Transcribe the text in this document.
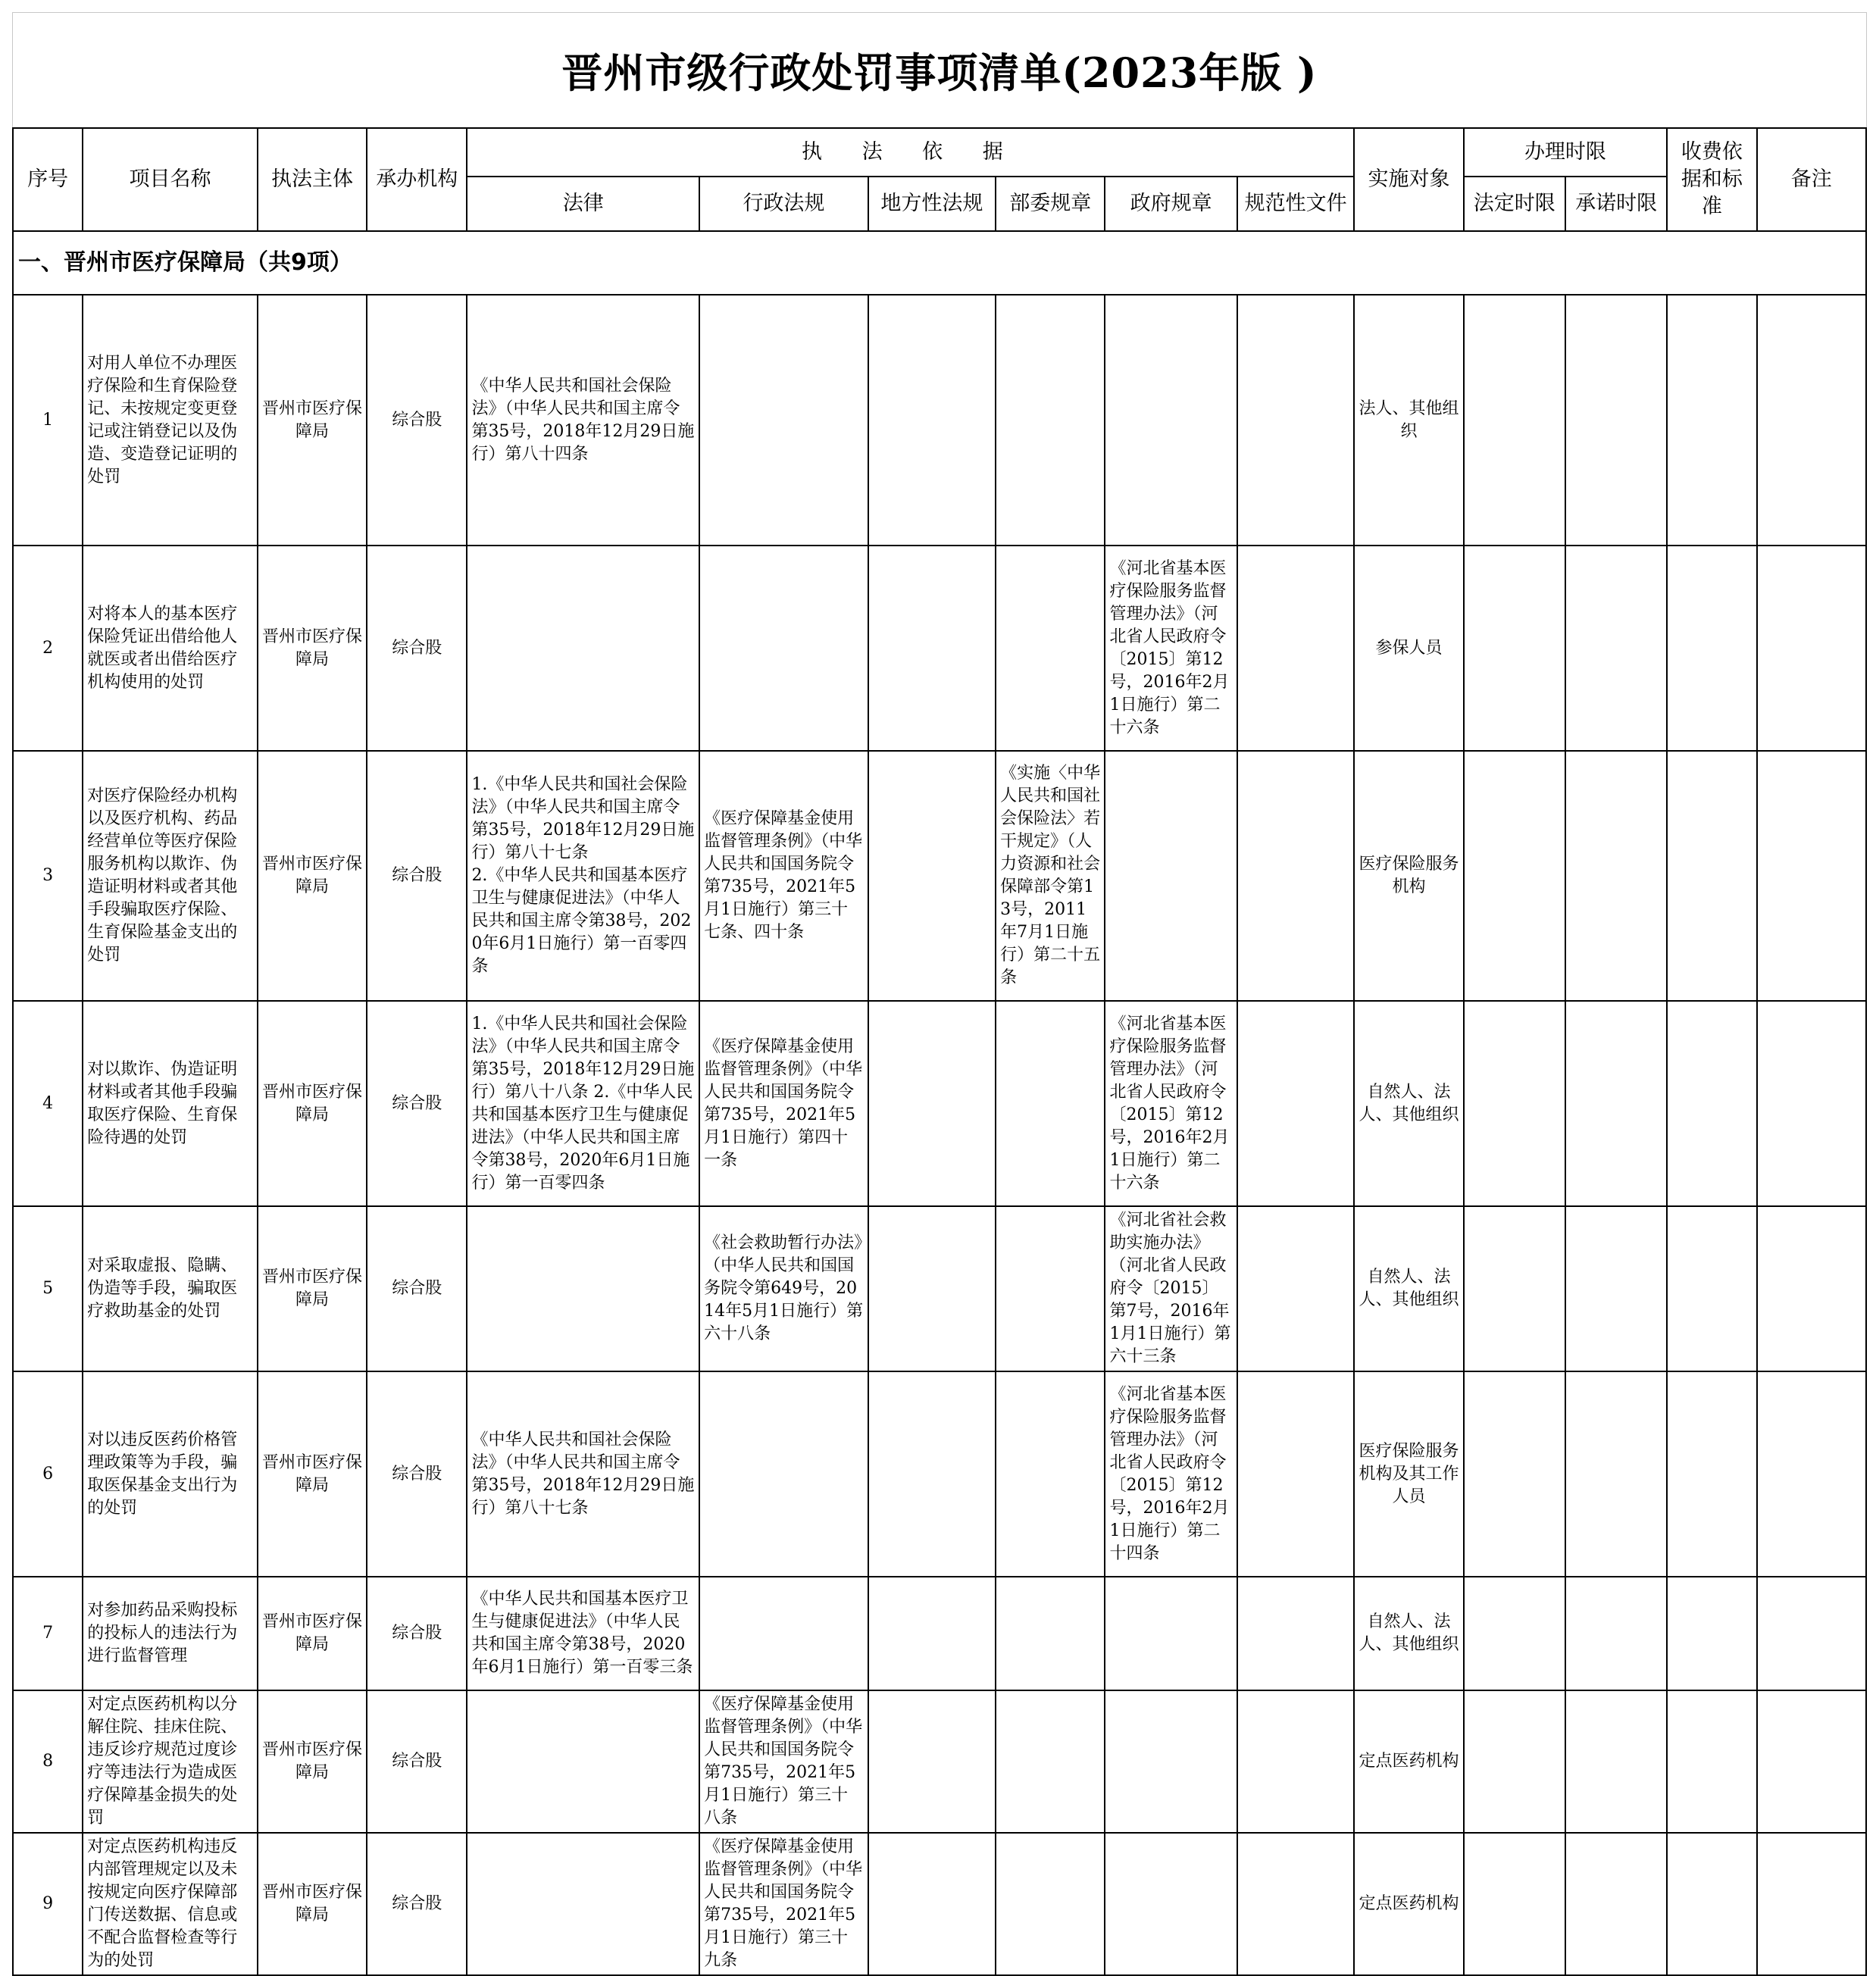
晋州市级行政处罚事项清单(2023年版 )
序号	项目名称	执法主体	承办机构	执 法 依 据						实施对象	办理时限		收费依据和标准	备注
				法律	行政法规	地方性法规	部委规章	政府规章	规范性文件		法定时限	承诺时限		
一、晋州市医疗保障局（共9项）														
1	对用人单位不办理医疗保险和生育保险登记、未按规定变更登记或注销登记以及伪造、变造登记证明的处罚	晋州市医疗保障局	综合股	《中华人民共和国社会保险法》（中华人民共和国主席令第35号，2018年12月29日施行）第八十四条						法人、其他组织				
2	对将本人的基本医疗保险凭证出借给他人就医或者出借给医疗机构使用的处罚	晋州市医疗保障局	综合股					《河北省基本医疗保险服务监督管理办法》（河北省人民政府令〔2015〕第12号，2016年2月1日施行）第二十六条		参保人员				
3	对医疗保险经办机构以及医疗机构、药品经营单位等医疗保险服务机构以欺诈、伪造证明材料或者其他手段骗取医疗保险、生育保险基金支出的处罚	晋州市医疗保障局	综合股	1.《中华人民共和国社会保险法》（中华人民共和国主席令第35号，2018年12月29日施行）第八十七条
2.《中华人民共和国基本医疗卫生与健康促进法》（中华人民共和国主席令第38号，2020年6月1日施行）第一百零四条	《医疗保障基金使用监督管理条例》（中华人民共和国国务院令第735号，2021年5月1日施行）第三十七条、四十条		《实施〈中华人民共和国社会保险法〉若干规定》（人力资源和社会保障部令第13号，2011年7月1日施行）第二十五条			医疗保险服务机构				
4	对以欺诈、伪造证明材料或者其他手段骗取医疗保险、生育保险待遇的处罚	晋州市医疗保障局	综合股	1.《中华人民共和国社会保险法》（中华人民共和国主席令第35号，2018年12月29日施行）第八十八条 2.《中华人民共和国基本医疗卫生与健康促进法》（中华人民共和国主席令第38号，2020年6月1日施行）第一百零四条	《医疗保障基金使用监督管理条例》（中华人民共和国国务院令第735号，2021年5月1日施行）第四十一条			《河北省基本医疗保险服务监督管理办法》（河北省人民政府令〔2015〕第12号，2016年2月1日施行）第二十六条		自然人、法人、其他组织				
5	对采取虚报、隐瞒、伪造等手段，骗取医疗救助基金的处罚	晋州市医疗保障局	综合股		《社会救助暂行办法》（中华人民共和国国务院令第649号，2014年5月1日施行）第六十八条			《河北省社会救助实施办法》（河北省人民政府令〔2015〕第7号，2016年1月1日施行）第六十三条		自然人、法人、其他组织				
6	对以违反医药价格管理政策等为手段，骗取医保基金支出行为的处罚	晋州市医疗保障局	综合股	《中华人民共和国社会保险法》（中华人民共和国主席令第35号，2018年12月29日施行）第八十七条				《河北省基本医疗保险服务监督管理办法》（河北省人民政府令〔2015〕第12号，2016年2月1日施行）第二十四条		医疗保险服务机构及其工作人员				
7	对参加药品采购投标的投标人的违法行为进行监督管理	晋州市医疗保障局	综合股	《中华人民共和国基本医疗卫生与健康促进法》（中华人民共和国主席令第38号，2020年6月1日施行）第一百零三条						自然人、法人、其他组织				
8	对定点医药机构以分解住院、挂床住院、违反诊疗规范过度诊疗等违法行为造成医疗保障基金损失的处罚	晋州市医疗保障局	综合股		《医疗保障基金使用监督管理条例》（中华人民共和国国务院令第735号，2021年5月1日施行）第三十八条					定点医药机构				
9	对定点医药机构违反内部管理规定以及未按规定向医疗保障部门传送数据、信息或不配合监督检查等行为的处罚	晋州市医疗保障局	综合股		《医疗保障基金使用监督管理条例》（中华人民共和国国务院令第735号，2021年5月1日施行）第三十九条					定点医药机构				
